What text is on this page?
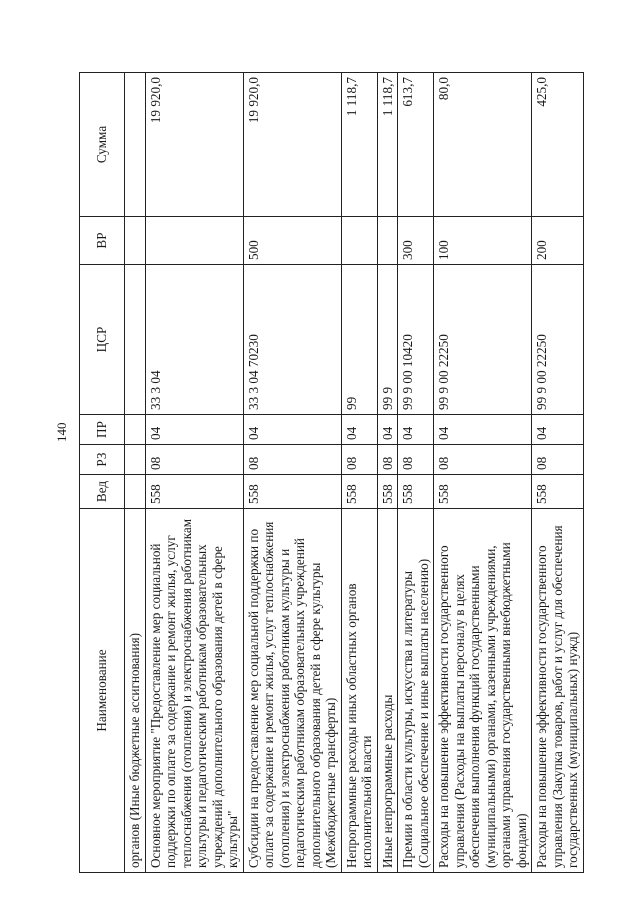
140
Наименование	Вед	РЗ	ПР	ЦСР	ВР	Сумма
органов (Иные бюджетные ассигнования)						
Основное мероприятие "Предоставление мер социальной поддержки по оплате за содержание и ремонт жилья, услуг теплоснабжения (отопления) и электроснабжения работникам культуры и педагогическим работникам образовательных учреждений дополнительного образования детей в сфере культуры"	558	08	04	33 3 04		19 920,0
Субсидии на предоставление мер социальной поддержки по оплате за содержание и ремонт жилья, услуг теплоснабжения (отопления) и электроснабжения работникам культуры и педагогическим работникам образовательных учреждений дополнительного образования детей в сфере культуры (Межбюджетные трансферты)	558	08	04	33 3 04 70230	500	19 920,0
Непрограммные расходы иных областных органов исполнительной власти	558	08	04	99		1 118,7
Иные непрограммные расходы	558	08	04	99 9		1 118,7
Премии в области культуры, искусства и литературы (Социальное обеспечение и иные выплаты населению)	558	08	04	99 9 00 10420	300	613,7
Расходы на повышение эффективности государственного управления (Расходы на выплаты персоналу в целях обеспечения выполнения функций государственными (муниципальными) органами, казенными учреждениями, органами управления государственными внебюджетными фондами)	558	08	04	99 9 00 22250	100	80,0
Расходы на повышение эффективности государственного управления (Закупка товаров, работ и услуг для обеспечения государственных (муниципальных) нужд)	558	08	04	99 9 00 22250	200	425,0
